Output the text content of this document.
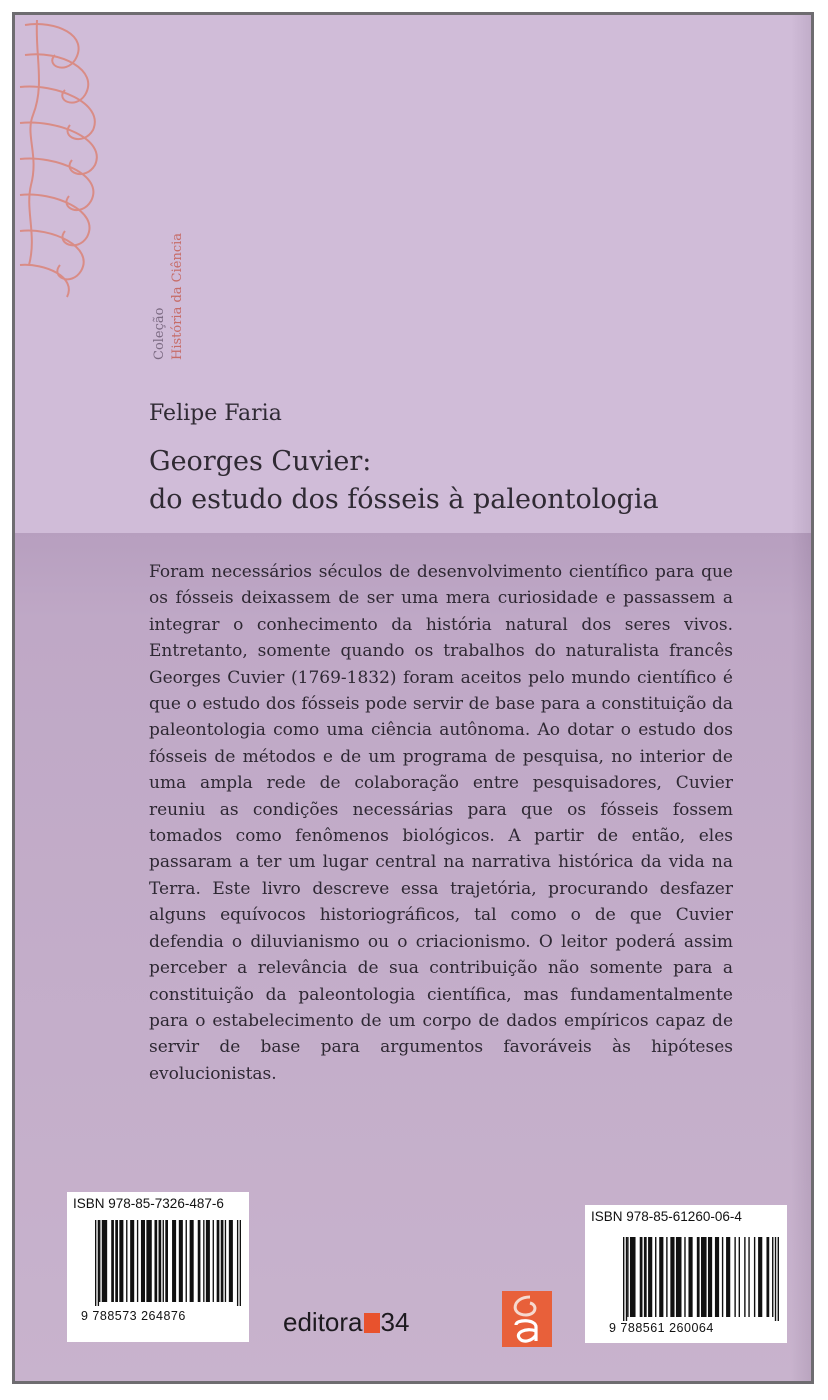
Coleção História da Ciência
Felipe Faria
Georges Cuvier:
do estudo dos fósseis à paleontologia

Foram necessários séculos de desenvolvimento científico para que os fósseis deixassem de ser uma mera curiosidade e passassem a integrar o conhecimento da história natural dos seres vivos. Entretanto, somente quando os trabalhos do naturalista francês Georges Cuvier (1769-1832) foram aceitos pelo mundo científico é que o estudo dos fósseis pode servir de base para a constituição da paleontologia como uma ciência autônoma. Ao dotar o estudo dos fósseis de métodos e de um programa de pesquisa, no interior de uma ampla rede de colaboração entre pesquisadores, Cuvier reuniu as condições necessárias para que os fósseis fossem tomados como fenômenos biológicos. A partir de então, eles passaram a ter um lugar central na narrativa histórica da vida na Terra. Este livro descreve essa trajetória, procurando desfazer alguns equívocos historiográficos, tal como o de que Cuvier defendia o diluvianismo ou o criacionismo. O leitor poderá assim perceber a relevância de sua contribuição não somente para a constituição da paleontologia científica, mas fundamentalmente para o estabelecimento de um corpo de dados empíricos capaz de servir de base para argumentos favoráveis às hipóteses evolucionistas.

ISBN 978-85-7326-487-6
9 788573 264876	editora 34
ISBN 978-85-61260-06-4
9 788561 260064
